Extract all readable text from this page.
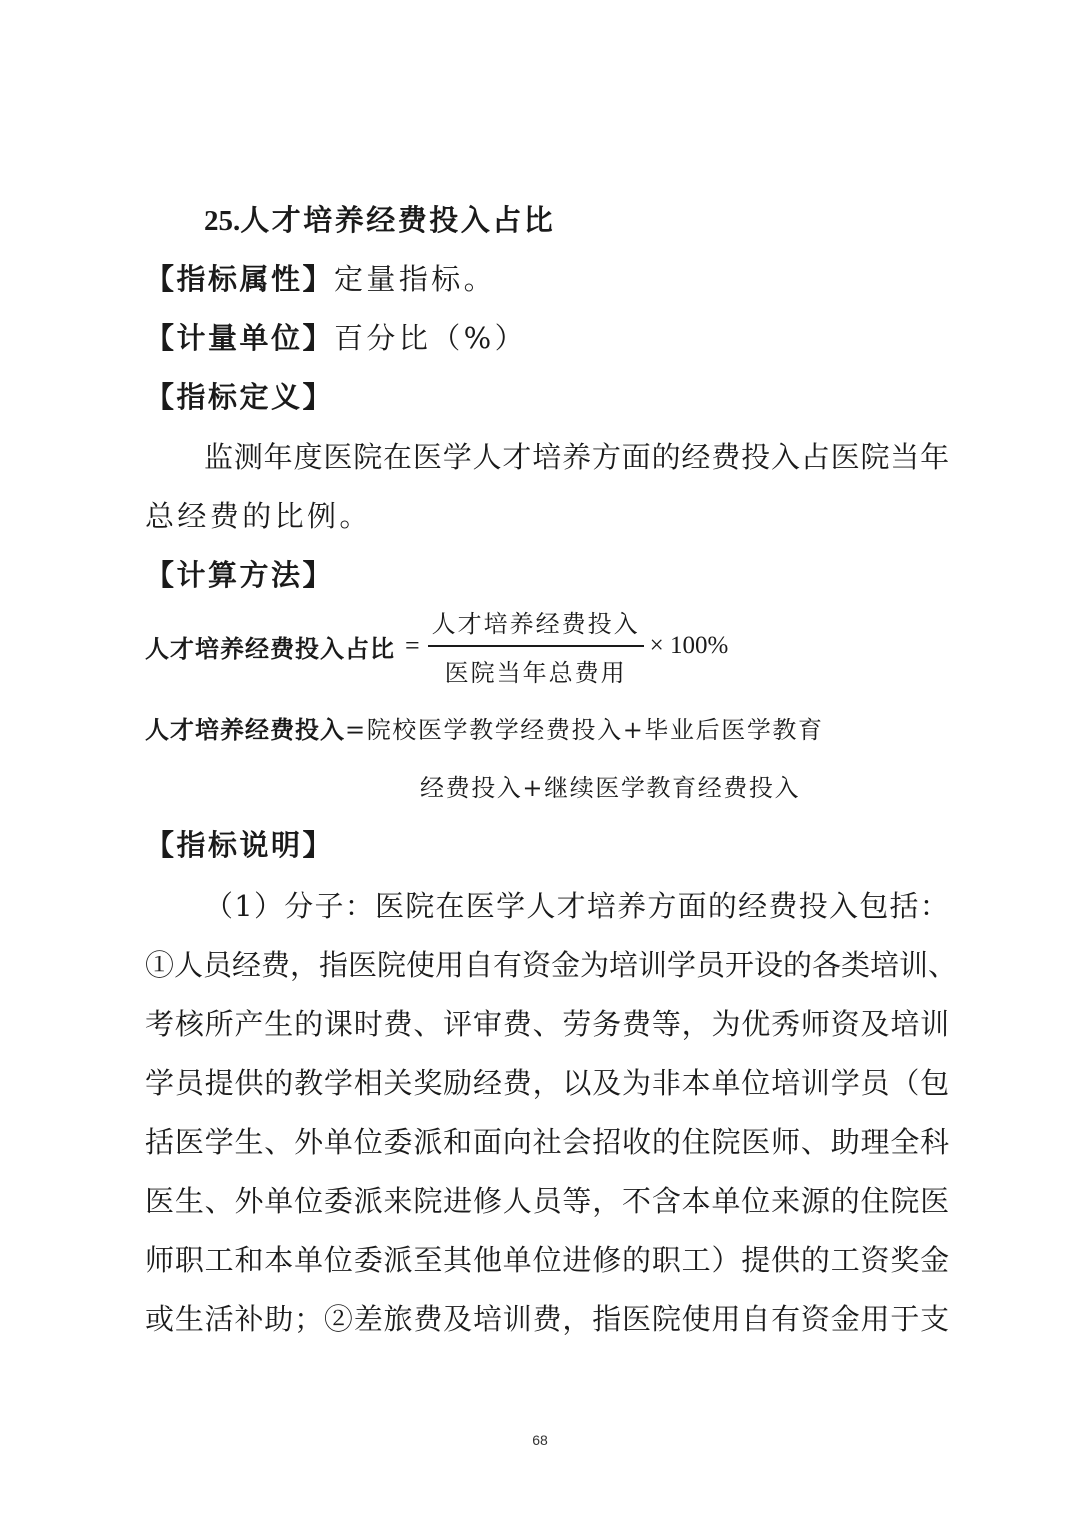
25.人才培养经费投入占比
【指标属性】定量指标。
【计量单位】百分比（%）
【指标定义】
监测年度医院在医学人才培养方面的经费投入占医院当年
总经费的比例。
【计算方法】
人才培养经费投入占比 = $\frac{\text{人才培养经费投入}}{\text{医院当年总费用}} \times 100\%$
人才培养经费投入=院校医学教学经费投入+毕业后医学教育
经费投入+继续医学教育经费投入
【指标说明】
（1）分子：医院在医学人才培养方面的经费投入包括：
①人员经费，指医院使用自有资金为培训学员开设的各类培训、
考核所产生的课时费、评审费、劳务费等，为优秀师资及培训
学员提供的教学相关奖励经费，以及为非本单位培训学员（包
括医学生、外单位委派和面向社会招收的住院医师、助理全科
医生、外单位委派来院进修人员等，不含本单位来源的住院医
师职工和本单位委派至其他单位进修的职工）提供的工资奖金
或生活补助；②差旅费及培训费，指医院使用自有资金用于支
68
